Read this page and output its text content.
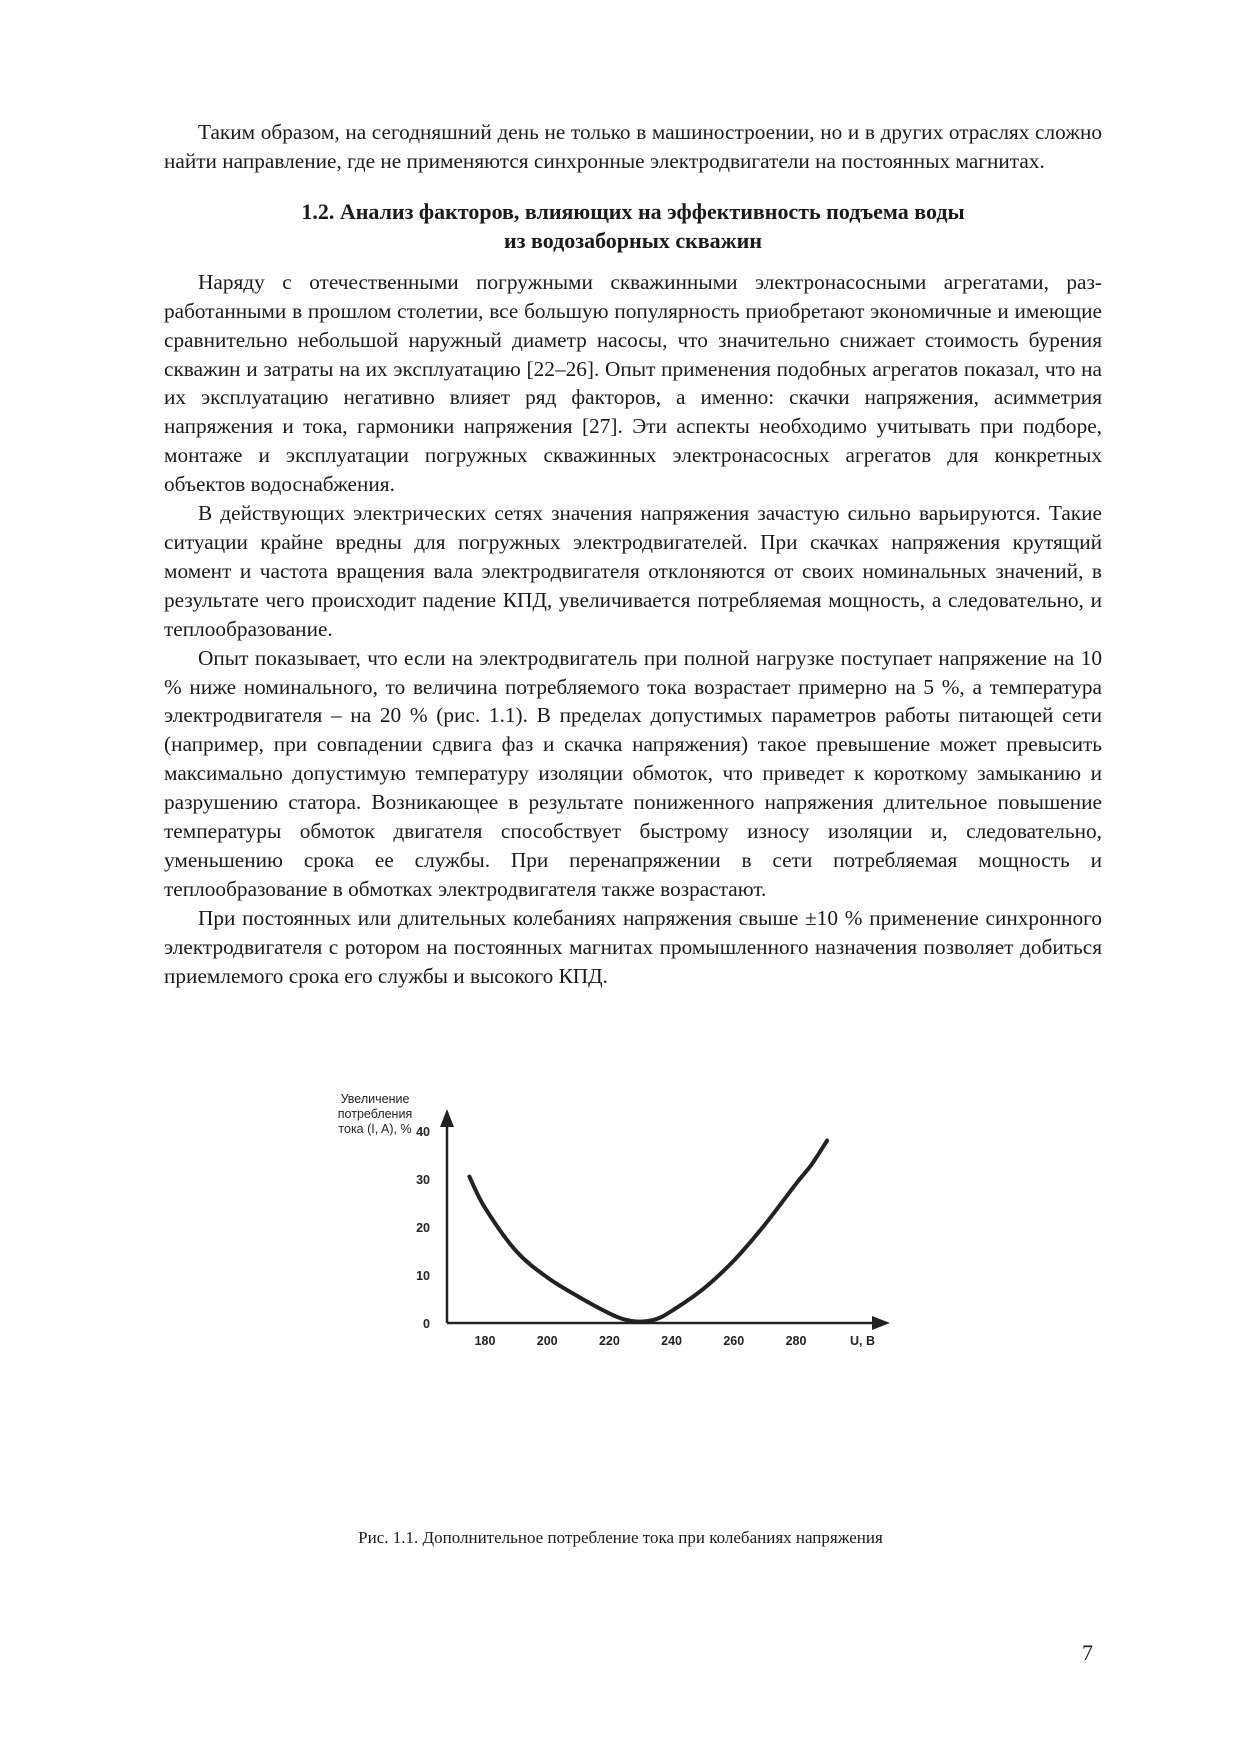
Таким образом, на сегодняшний день не только в машиностроении, но и в других отраслях сложно найти направление, где не применяются синхронные электродвигатели на постоянных магнитах.

1.2. Анализ факторов, влияющих на эффективность подъема воды
из водозаборных скважин

Наряду с отечественными погружными скважинными электронасосными агрегатами, разработанными в прошлом столетии, все большую популярность приобретают экономичные и имеющие сравнительно небольшой наружный диаметр насосы, что значительно снижает стоимость бурения скважин и затраты на их эксплуатацию [22–26]. Опыт применения подобных агрегатов показал, что на их эксплуатацию негативно влияет ряд факторов, а именно: скачки напряжения, асимметрия напряжения и тока, гармоники напряжения [27]. Эти аспекты необходимо учитывать при подборе, монтаже и эксплуатации погружных скважинных электронасосных агрегатов для конкретных объектов водоснабжения.

В действующих электрических сетях значения напряжения зачастую сильно варьируются. Такие ситуации крайне вредны для погружных электродвигателей. При скачках напряжения крутящий момент и частота вращения вала электродвигателя отклоняются от своих номинальных значений, в результате чего происходит падение КПД, увеличивается потребляемая мощность, а следовательно, и теплообразование.

Опыт показывает, что если на электродвигатель при полной нагрузке поступает напряжение на 10 % ниже номинального, то величина потребляемого тока возрастает примерно на 5 %, а температура электродвигателя – на 20 % (рис. 1.1). В пределах допустимых параметров работы питающей сети (например, при совпадении сдвига фаз и скачка напряжения) такое превышение может превысить максимально допустимую температуру изоляции обмоток, что приведет к короткому замыканию и разрушению статора. Возникающее в результате пониженного напряжения длительное повышение температуры обмоток двигателя способствует быстрому износу изоляции и, следовательно, уменьшению срока ее службы. При перенапряжении в сети потребляемая мощность и теплообразование в обмотках электродвигателя также возрастают.

При постоянных или длительных колебаниях напряжения свыше ±10 % применение синхронного электродвигателя с ротором на постоянных магнитах промышленного назначения позволяет добиться приемлемого срока его службы и высокого КПД.

Увеличение
потребления
тока (I, A), %
U, B
0
10
20
30
40
180	200	220	240	260	280
Рис. 1.1. Дополнительное потребление тока при колебаниях напряжения
7
